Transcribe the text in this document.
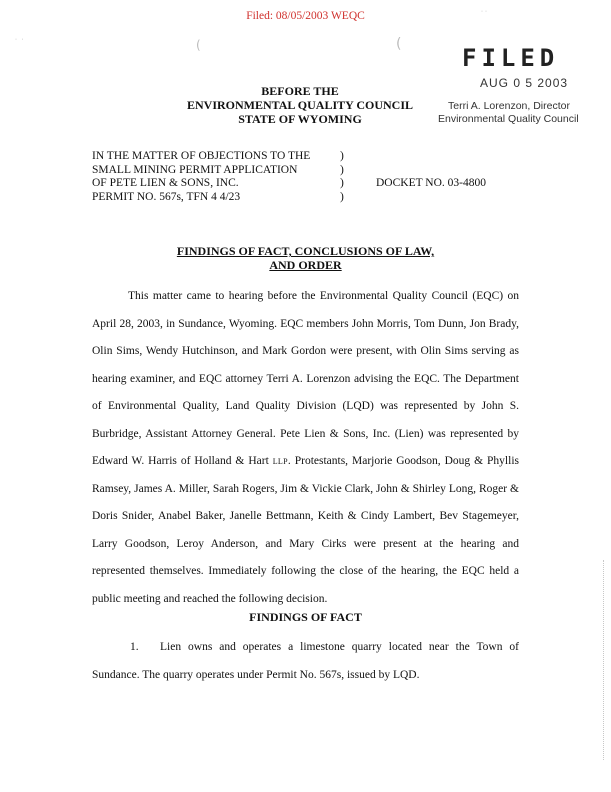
Filed: 08/05/2003 WEQC
˙ ˙	(	(
˙˙
FILED
AUG 0 5 2003
Terri A. Lorenzon, Director
Environmental Quality Council
BEFORE THE
ENVIRONMENTAL QUALITY COUNCIL
STATE OF WYOMING
IN THE MATTER OF OBJECTIONS TO THE
SMALL MINING PERMIT APPLICATION
OF PETE LIEN & SONS, INC.
PERMIT NO. 567s, TFN 4 4/23
)
)
)
)
DOCKET NO. 03-4800
FINDINGS OF FACT, CONCLUSIONS OF LAW,
AND ORDER
This matter came to hearing before the Environmental Quality Council (EQC) on April 28, 2003, in Sundance, Wyoming. EQC members John Morris, Tom Dunn, Jon Brady, Olin Sims, Wendy Hutchinson, and Mark Gordon were present, with Olin Sims serving as hearing examiner, and EQC attorney Terri A. Lorenzon advising the EQC. The Department of Environmental Quality, Land Quality Division (LQD) was represented by John S. Burbridge, Assistant Attorney General. Pete Lien & Sons, Inc. (Lien) was represented by Edward W. Harris of Holland & Hart LLP. Protestants, Marjorie Goodson, Doug & Phyllis Ramsey, James A. Miller, Sarah Rogers, Jim & Vickie Clark, John & Shirley Long, Roger & Doris Snider, Anabel Baker, Janelle Bettmann, Keith & Cindy Lambert, Bev Stagemeyer, Larry Goodson, Leroy Anderson, and Mary Cirks were present at the hearing and represented themselves. Immediately following the close of the hearing, the EQC held a public meeting and reached the following decision.
FINDINGS OF FACT
1. Lien owns and operates a limestone quarry located near the Town of Sundance. The quarry operates under Permit No. 567s, issued by LQD.
